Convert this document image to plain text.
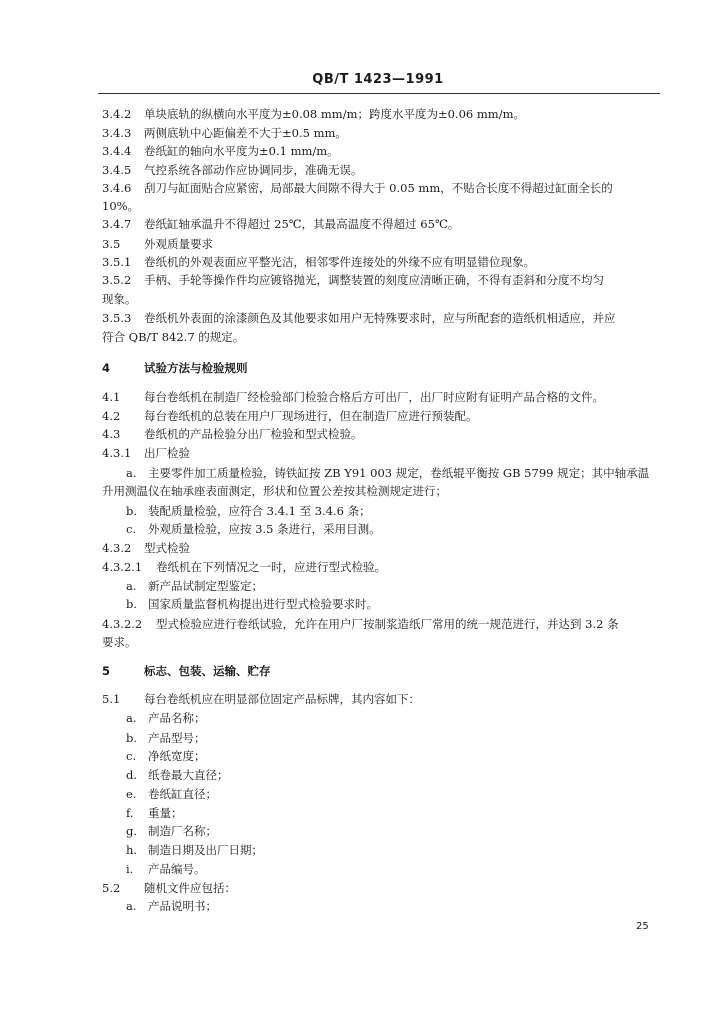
QB/T 1423—1991
3.4.2 单块底轨的纵横向水平度为±0.08 mm/m；跨度水平度为±0.06 mm/m。
3.4.3 两侧底轨中心距偏差不大于±0.5 mm。
3.4.4 卷纸缸的轴向水平度为±0.1 mm/m。
3.4.5 气控系统各部动作应协调同步，准确无误。
3.4.6 刮刀与缸面贴合应紧密，局部最大间隙不得大于 0.05 mm，不贴合长度不得超过缸面全长的
10%。
3.4.7 卷纸缸轴承温升不得超过 25℃，其最高温度不得超过 65℃。
3.5 外观质量要求
3.5.1 卷纸机的外观表面应平整光洁，相邻零件连接处的外缘不应有明显错位现象。
3.5.2 手柄、手轮等操作件均应镀铬抛光，调整装置的刻度应清晰正确，不得有歪斜和分度不均匀
现象。
3.5.3 卷纸机外表面的涂漆颜色及其他要求如用户无特殊要求时，应与所配套的造纸机相适应，并应
符合 QB/T 842.7 的规定。
4	试验方法与检验规则
4.1 每台卷纸机在制造厂经检验部门检验合格后方可出厂，出厂时应附有证明产品合格的文件。
4.2 每台卷纸机的总装在用户厂现场进行，但在制造厂应进行预装配。
4.3 卷纸机的产品检验分出厂检验和型式检验。
4.3.1 出厂检验
a. 主要零件加工质量检验，铸铁缸按 ZB Y91 003 规定，卷纸辊平衡按 GB 5799 规定；其中轴承温
升用测温仪在轴承座表面测定，形状和位置公差按其检测规定进行；
b. 装配质量检验，应符合 3.4.1 至 3.4.6 条；
c. 外观质量检验，应按 3.5 条进行，采用目测。
4.3.2 型式检验
4.3.2.1 卷纸机在下列情况之一时，应进行型式检验。
a. 新产品试制定型鉴定；
b. 国家质量监督机构提出进行型式检验要求时。
4.3.2.2 型式检验应进行卷纸试验，允许在用户厂按制浆造纸厂常用的统一规范进行，并达到 3.2 条
要求。
5	标志、包装、运输、贮存
5.1 每台卷纸机应在明显部位固定产品标牌，其内容如下：
a. 产品名称；
b. 产品型号；
c. 净纸宽度；
d. 纸卷最大直径；
e. 卷纸缸直径；
f. 重量；
g. 制造厂名称；
h. 制造日期及出厂日期；
i. 产品编号。
5.2 随机文件应包括：
a. 产品说明书；
25
